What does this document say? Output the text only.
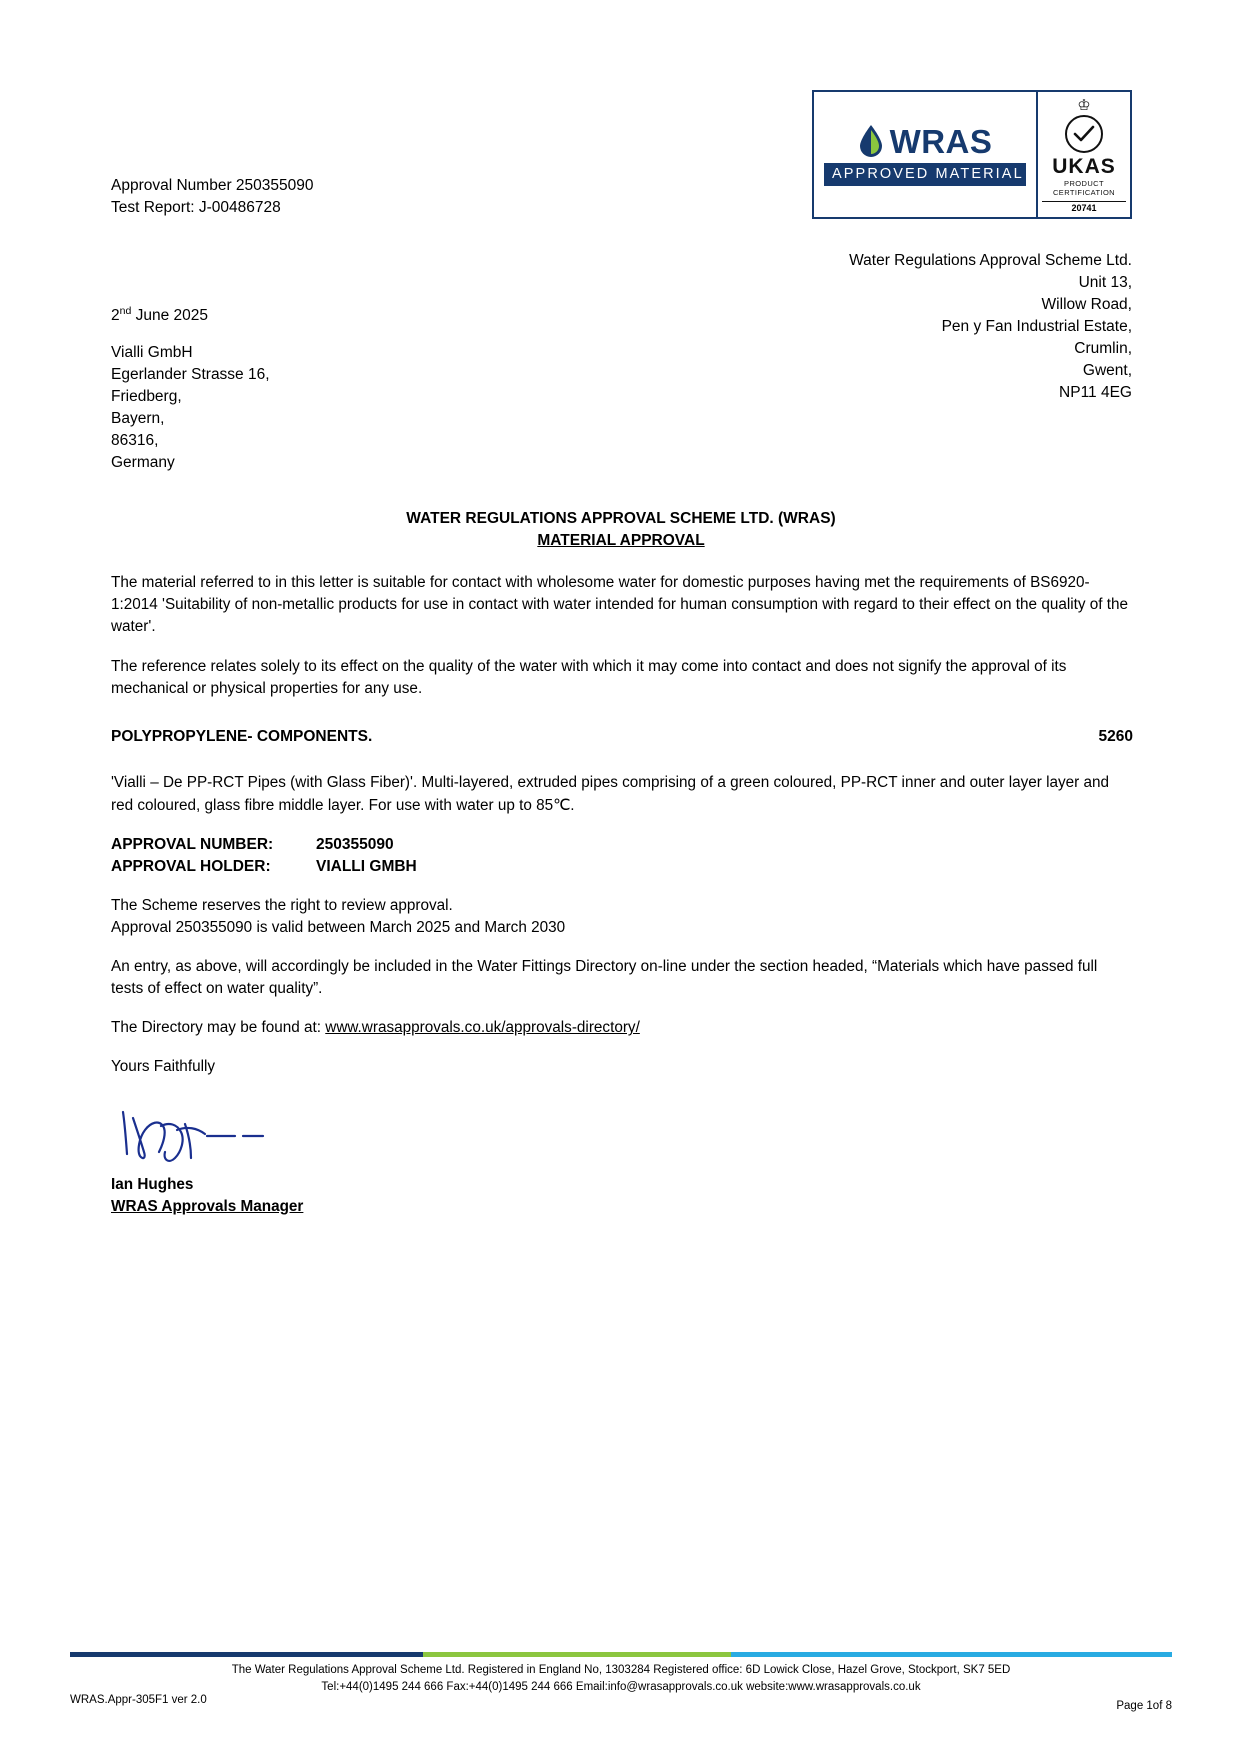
WRAS
APPROVED MATERIAL
♔
UKAS
PRODUCT
CERTIFICATION
20741
Approval Number 250355090
Test Report: J-00486728
Water Regulations Approval Scheme Ltd.
Unit 13,
Willow Road,
Pen y Fan Industrial Estate,
Crumlin,
Gwent,
NP11 4EG
2nd June 2025
Vialli GmbH
Egerlander Strasse 16,
Friedberg,
Bayern,
86316,
Germany
WATER REGULATIONS APPROVAL SCHEME LTD. (WRAS)
MATERIAL APPROVAL

The material referred to in this letter is suitable for contact with wholesome water for domestic purposes having met the requirements of BS6920-1:2014 'Suitability of non-metallic products for use in contact with water intended for human consumption with regard to their effect on the quality of the water'.

The reference relates solely to its effect on the quality of the water with which it may come into contact and does not signify the approval of its mechanical or physical properties for any use.

POLYPROPYLENE- COMPONENTS.	5260

'Vialli – De PP-RCT Pipes (with Glass Fiber)'. Multi-layered, extruded pipes comprising of a green coloured, PP-RCT inner and outer layer layer and red coloured, glass fibre middle layer. For use with water up to 85℃.

APPROVAL NUMBER:	250355090
APPROVAL HOLDER:	VIALLI GMBH

The Scheme reserves the right to review approval.
Approval 250355090 is valid between March 2025 and March 2030

An entry, as above, will accordingly be included in the Water Fittings Directory on-line under the section headed, “Materials which have passed full tests of effect on water quality”.

The Directory may be found at: www.wrasapprovals.co.uk/approvals-directory/

Yours Faithfully

Ian Hughes
WRAS Approvals Manager
The Water Regulations Approval Scheme Ltd. Registered in England No, 1303284 Registered office: 6D Lowick Close, Hazel Grove, Stockport, SK7 5ED
Tel:+44(0)1495 244 666 Fax:+44(0)1495 244 666 Email:info@wrasapprovals.co.uk website:www.wrasapprovals.co.uk
WRAS.Appr-305F1 ver 2.0	Page 1of 8
